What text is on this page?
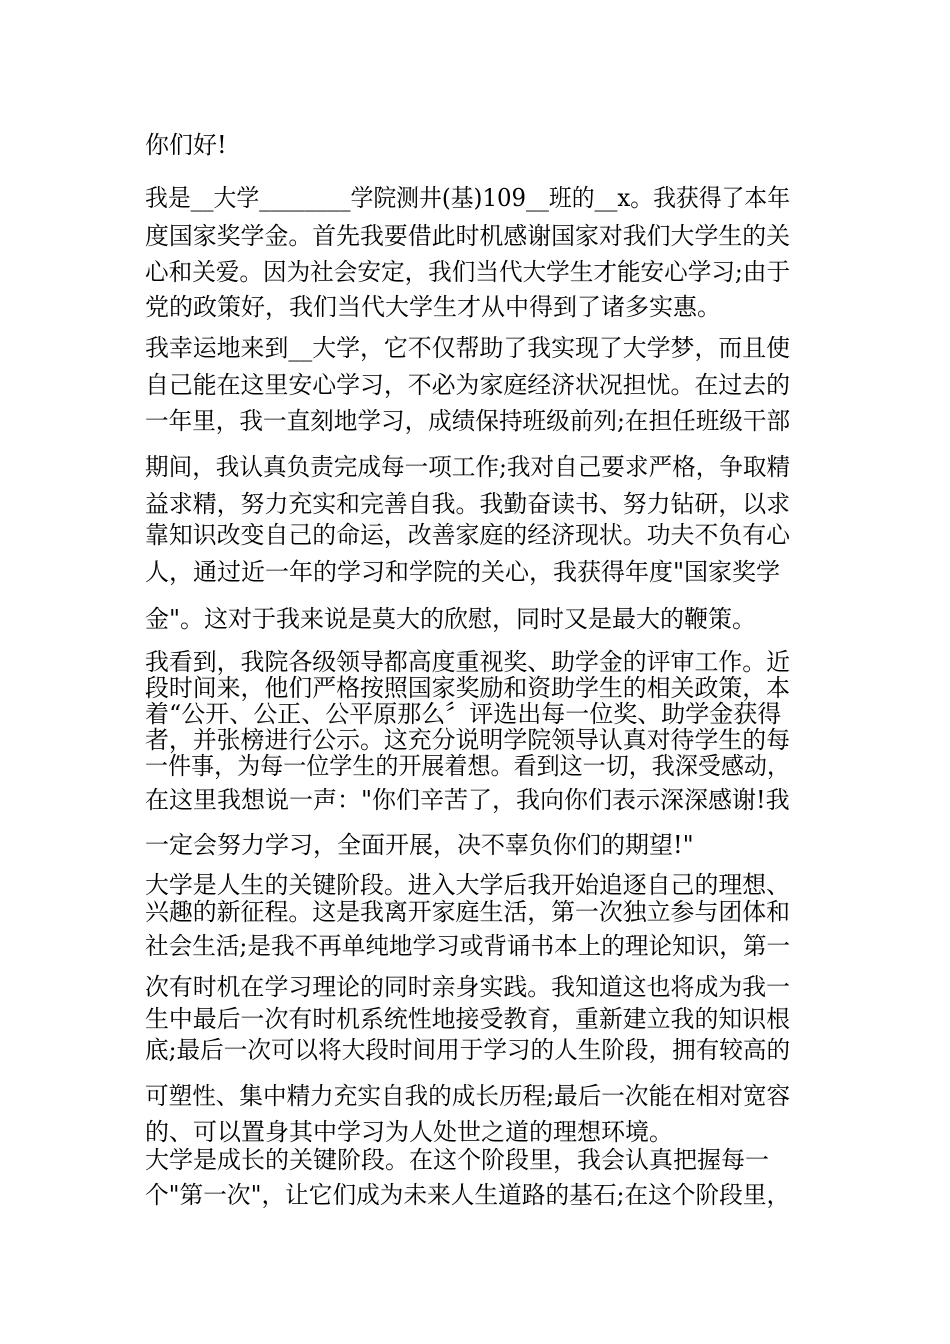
你们好!
我是__大学________学院测井(基)109__班的__x。我获得了本年
度国家奖学金。首先我要借此时机感谢国家对我们大学生的关
心和关爱。因为社会安定，我们当代大学生才能安心学习;由于
党的政策好，我们当代大学生才从中得到了诸多实惠。
我幸运地来到__大学，它不仅帮助了我实现了大学梦，而且使
自己能在这里安心学习，不必为家庭经济状况担忧。在过去的
一年里，我一直刻地学习，成绩保持班级前列;在担任班级干部
期间，我认真负责完成每一项工作;我对自己要求严格，争取精
益求精，努力充实和完善自我。我勤奋读书、努力钻研，以求
靠知识改变自己的命运，改善家庭的经济现状。功夫不负有心
人，通过近一年的学习和学院的关心，我获得年度"国家奖学
金"。这对于我来说是莫大的欣慰，同时又是最大的鞭策。
我看到，我院各级领导都高度重视奖、助学金的评审工作。近
段时间来，他们严格按照国家奖励和资助学生的相关政策，本
着“公开、公正、公平原那么〞评选出每一位奖、助学金获得
者，并张榜进行公示。这充分说明学院领导认真对待学生的每
一件事，为每一位学生的开展着想。看到这一切，我深受感动，
在这里我想说一声："你们辛苦了，我向你们表示深深感谢!我
一定会努力学习，全面开展，决不辜负你们的期望!"
大学是人生的关键阶段。进入大学后我开始追逐自己的理想、
兴趣的新征程。这是我离开家庭生活，第一次独立参与团体和
社会生活;是我不再单纯地学习或背诵书本上的理论知识，第一
次有时机在学习理论的同时亲身实践。我知道这也将成为我一
生中最后一次有时机系统性地接受教育，重新建立我的知识根
底;最后一次可以将大段时间用于学习的人生阶段，拥有较高的
可塑性、集中精力充实自我的成长历程;最后一次能在相对宽容
的、可以置身其中学习为人处世之道的理想环境。
大学是成长的关键阶段。在这个阶段里，我会认真把握每一
个"第一次"，让它们成为未来人生道路的基石;在这个阶段里，
